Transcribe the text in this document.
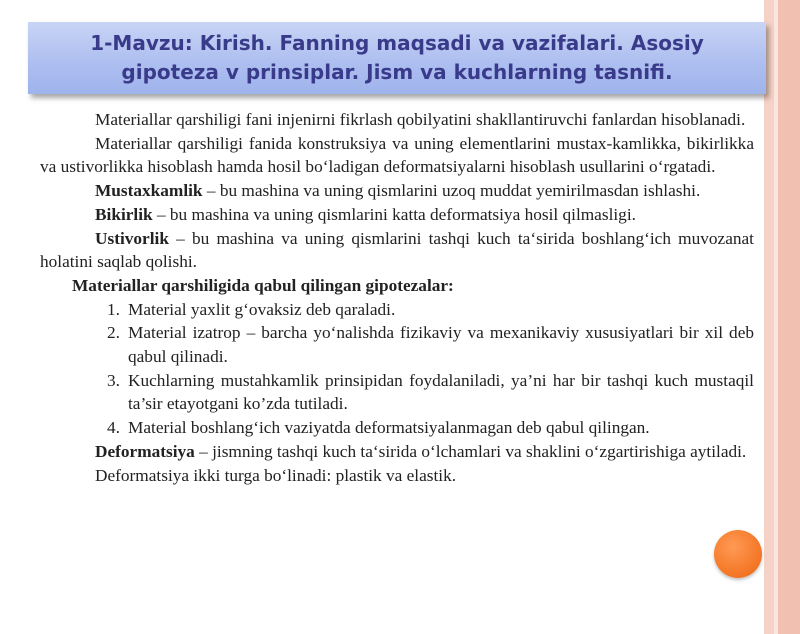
1-Mavzu: Kirish. Fanning maqsadi va vazifalari. Asosiy gipoteza v prinsiplar. Jism va kuchlarning tasnifi.

Materiallar qarshiligi fani injenirni fikrlash qobilyatini shakllantiruvchi fanlardan hisoblanadi.

Materiallar qarshiligi fanida konstruksiya va uning elementlarini mustax-kamlikka, bikirlikka va ustivorlikka hisoblash hamda hosil bo‘ladigan deformatsiyalarni hisoblash usullarini o‘rgatadi.

Mustaxkamlik – bu mashina va uning qismlarini uzoq muddat yemirilmasdan ishlashi.

Bikirlik – bu mashina va uning qismlarini katta deformatsiya hosil qilmasligi.

Ustivorlik – bu mashina va uning qismlarini tashqi kuch ta‘sirida boshlang‘ich muvozanat holatini saqlab qolishi.

Materiallar qarshiligida qabul qilingan gipotezalar:

1. Material yaxlit g‘ovaksiz deb qaraladi.
2. Material izatrop – barcha yo‘nalishda fizikaviy va mexanikaviy xususiyatlari bir xil deb qabul qilinadi.
3. Kuchlarning mustahkamlik prinsipidan foydalaniladi, ya’ni har bir tashqi kuch mustaqil ta’sir etayotgani ko’zda tutiladi.
4. Material boshlang‘ich vaziyatda deformatsiyalanmagan deb qabul qilingan.

Deformatsiya – jismning tashqi kuch ta‘sirida o‘lchamlari va shaklini o‘zgartirishiga aytiladi.

Deformatsiya ikki turga bo‘linadi: plastik va elastik.
